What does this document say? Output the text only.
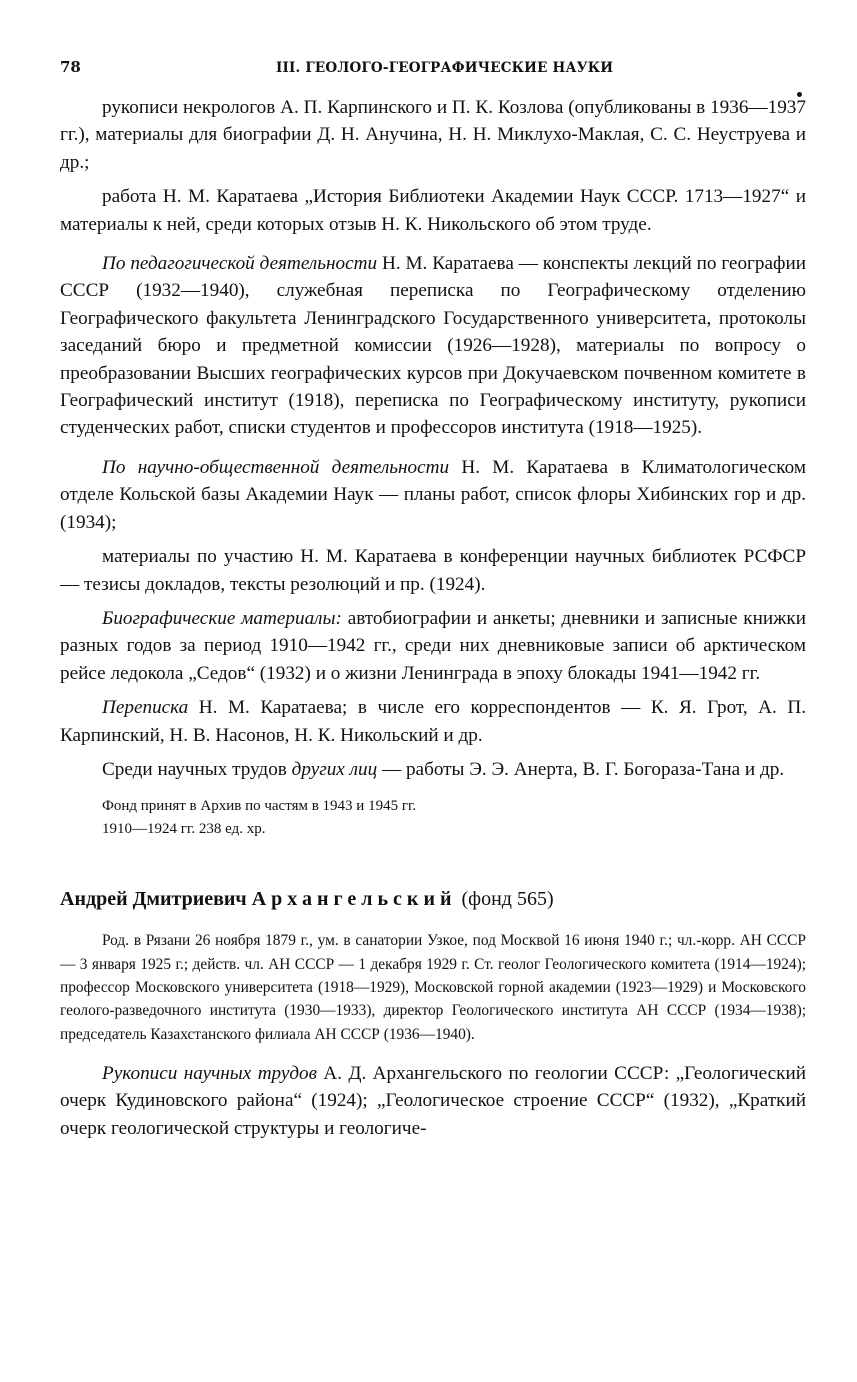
78	III. ГЕОЛОГО-ГЕОГРАФИЧЕСКИЕ НАУКИ

рукописи некрологов А. П. Карпинского и П. К. Козлова (опубликованы в 1936—1937 гг.), материалы для биографии Д. Н. Анучина, Н. Н. Миклухо-Маклая, С. С. Неуструева и др.;

работа Н. М. Каратаева „История Библиотеки Академии Наук СССР. 1713—1927“ и материалы к ней, среди которых отзыв Н. К. Никольского об этом труде.

По педагогической деятельности Н. М. Каратаева — конспекты лекций по географии СССР (1932—1940), служебная переписка по Географическому отделению Географического факультета Ленинградского Государственного университета, протоколы заседаний бюро и предметной комиссии (1926—1928), материалы по вопросу о преобразовании Высших географических курсов при Докучаевском почвенном комитете в Географический институт (1918), переписка по Географическому институту, рукописи студенческих работ, списки студентов и профессоров института (1918—1925).

По научно-общественной деятельности Н. М. Каратаева в Климатологическом отделе Кольской базы Академии Наук — планы работ, список флоры Хибинских гор и др. (1934);

материалы по участию Н. М. Каратаева в конференции научных библиотек РСФСР — тезисы докладов, тексты резолюций и пр. (1924).

Биографические материалы: автобиографии и анкеты; дневники и записные книжки разных годов за период 1910—1942 гг., среди них дневниковые записи об арктическом рейсе ледокола „Седов“ (1932) и о жизни Ленинграда в эпоху блокады 1941—1942 гг.

Переписка Н. М. Каратаева; в числе его корреспондентов — К. Я. Грот, А. П. Карпинский, Н. В. Насонов, Н. К. Никольский и др.

Среди научных трудов других лиц — работы Э. Э. Анерта, В. Г. Богораза-Тана и др.

Фонд принят в Архив по частям в 1943 и 1945 гг.

1910—1924 гг. 238 ед. хр.

Андрей Дмитриевич Архангельский (фонд 565)

Род. в Рязани 26 ноября 1879 г., ум. в санатории Узкое, под Москвой 16 июня 1940 г.; чл.-корр. АН СССР — 3 января 1925 г.; действ. чл. АН СССР — 1 декабря 1929 г. Ст. геолог Геологического комитета (1914—1924); профессор Московского университета (1918—1929), Московской горной академии (1923—1929) и Московского геолого-разведочного института (1930—1933), директор Геологического института АН СССР (1934—1938); председатель Казахстанского филиала АН СССР (1936—1940).

Рукописи научных трудов А. Д. Архангельского по геологии СССР: „Геологический очерк Кудиновского района“ (1924); „Геологическое строение СССР“ (1932), „Краткий очерк геологической структуры и геологиче-
